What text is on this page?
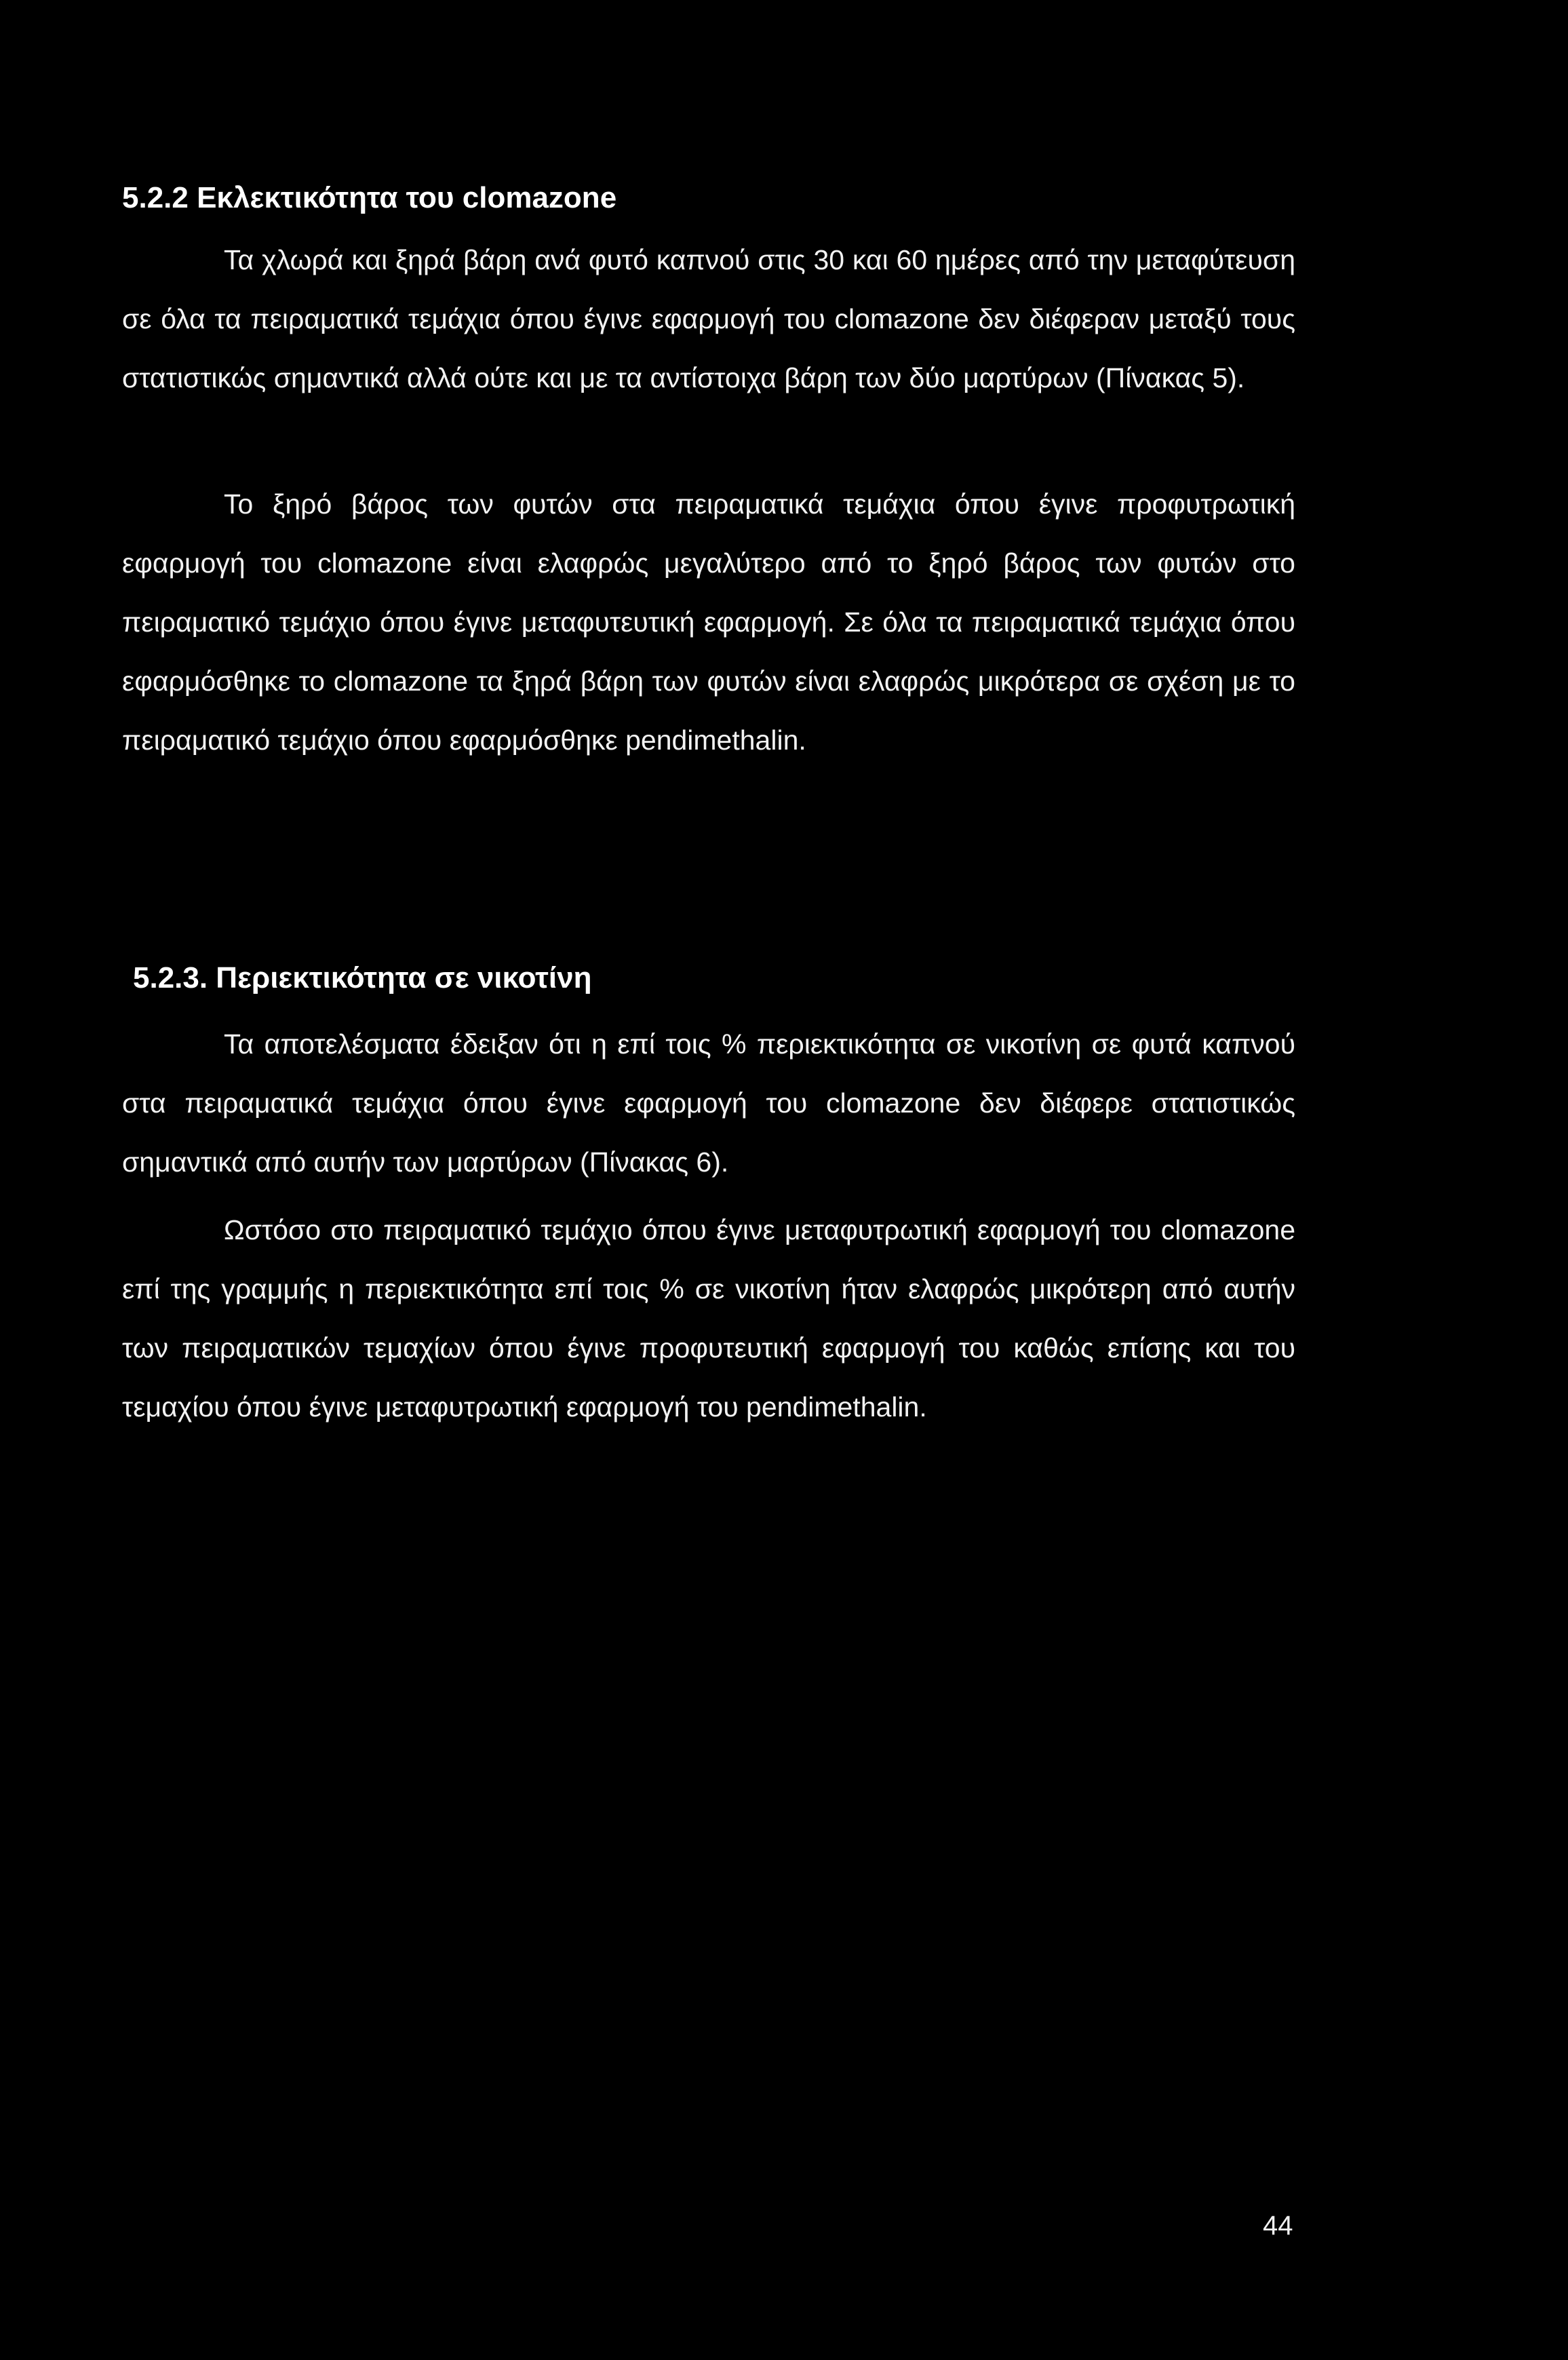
5.2.2 Εκλεκτικότητα του clomazone

Τα χλωρά και ξηρά βάρη ανά φυτό καπνού στις 30 και 60 ημέρες από την μεταφύτευση σε όλα τα πειραματικά τεμάχια όπου έγινε εφαρμογή του clomazone δεν διέφεραν μεταξύ τους στατιστικώς σημαντικά αλλά ούτε και με τα αντίστοιχα βάρη των δύο μαρτύρων (Πίνακας 5).

Το ξηρό βάρος των φυτών στα πειραματικά τεμάχια όπου έγινε προφυτρωτική εφαρμογή του clomazone είναι ελαφρώς μεγαλύτερο από το ξηρό βάρος των φυτών στο πειραματικό τεμάχιο όπου έγινε μεταφυτευτική εφαρμογή. Σε όλα τα πειραματικά τεμάχια όπου εφαρμόσθηκε το clomazone τα ξηρά βάρη των φυτών είναι ελαφρώς μικρότερα σε σχέση με το πειραματικό τεμάχιο όπου εφαρμόσθηκε pendimethalin.

5.2.3. Περιεκτικότητα σε νικοτίνη

Τα αποτελέσματα έδειξαν ότι η επί τοις % περιεκτικότητα σε νικοτίνη σε φυτά καπνού στα πειραματικά τεμάχια όπου έγινε εφαρμογή του clomazone δεν διέφερε στατιστικώς σημαντικά από αυτήν των μαρτύρων (Πίνακας 6).

Ωστόσο στο πειραματικό τεμάχιο όπου έγινε μεταφυτρωτική εφαρμογή του clomazone επί της γραμμής η περιεκτικότητα επί τοις % σε νικοτίνη ήταν ελαφρώς μικρότερη από αυτήν των πειραματικών τεμαχίων όπου έγινε προφυτευτική εφαρμογή του καθώς επίσης και του τεμαχίου όπου έγινε μεταφυτρωτική εφαρμογή του pendimethalin.

44
